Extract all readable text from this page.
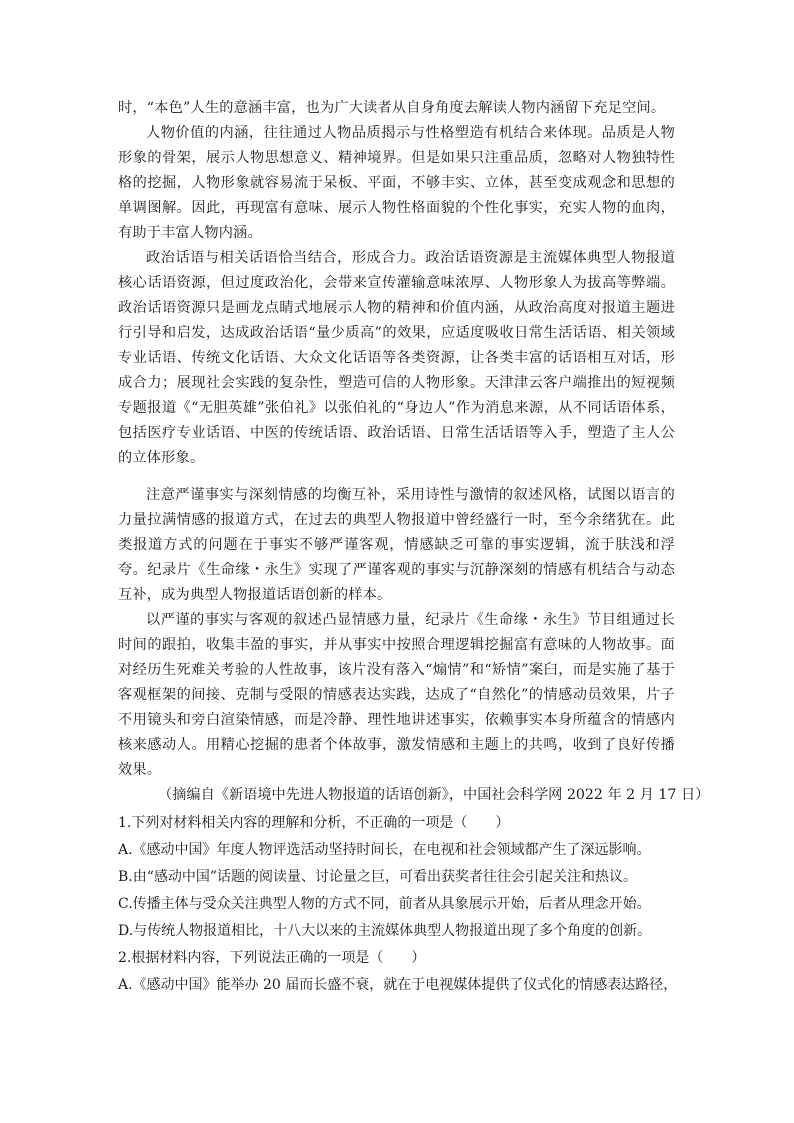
时，“本色”人生的意涵丰富，也为广大读者从自身角度去解读人物内涵留下充足空间。

人物价值的内涵，往往通过人物品质揭示与性格塑造有机结合来体现。品质是人物形象的骨架，展示人物思想意义、精神境界。但是如果只注重品质，忽略对人物独特性格的挖掘，人物形象就容易流于呆板、平面，不够丰实、立体，甚至变成观念和思想的单调图解。因此，再现富有意味、展示人物性格面貌的个性化事实，充实人物的血肉，有助于丰富人物内涵。

政治话语与相关话语恰当结合，形成合力。政治话语资源是主流媒体典型人物报道核心话语资源，但过度政治化，会带来宣传灌输意味浓厚、人物形象人为拔高等弊端。政治话语资源只是画龙点睛式地展示人物的精神和价值内涵，从政治高度对报道主题进行引导和启发，达成政治话语“量少质高”的效果，应适度吸收日常生活话语、相关领域专业话语、传统文化话语、大众文化话语等各类资源，让各类丰富的话语相互对话，形成合力；展现社会实践的复杂性，塑造可信的人物形象。天津津云客户端推出的短视频专题报道《“无胆英雄”张伯礼》以张伯礼的“身边人”作为消息来源，从不同话语体系，包括医疗专业话语、中医的传统话语、政治话语、日常生活话语等入手，塑造了主人公的立体形象。

注意严谨事实与深刻情感的均衡互补，采用诗性与激情的叙述风格，试图以语言的力量拉满情感的报道方式，在过去的典型人物报道中曾经盛行一时，至今余绪犹在。此类报道方式的问题在于事实不够严谨客观，情感缺乏可靠的事实逻辑，流于肤浅和浮夸。纪录片《生命缘・永生》实现了严谨客观的事实与沉静深刻的情感有机结合与动态互补，成为典型人物报道话语创新的样本。

以严谨的事实与客观的叙述凸显情感力量，纪录片《生命缘・永生》节目组通过长时间的跟拍，收集丰盈的事实，并从事实中按照合理逻辑挖掘富有意味的人物故事。面对经历生死难关考验的人性故事，该片没有落入“煽情”和“矫情”案臼，而是实施了基于客观框架的间接、克制与受限的情感表达实践，达成了“自然化”的情感动员效果，片子不用镜头和旁白渲染情感，而是冷静、理性地讲述事实，依赖事实本身所蕴含的情感内核来感动人。用精心挖掘的患者个体故事，激发情感和主题上的共鸣，收到了良好传播效果。

（摘编自《新语境中先进人物报道的话语创新》，中国社会科学网 2022 年 2 月 17 日）

1.下列对材料相关内容的理解和分析，不正确的一项是（　　）

A.《感动中国》年度人物评选活动坚持时间长，在电视和社会领域都产生了深远影响。

B.由“感动中国”话题的阅读量、讨论量之巨，可看出获奖者往往会引起关注和热议。

C.传播主体与受众关注典型人物的方式不同，前者从具象展示开始，后者从理念开始。

D.与传统人物报道相比，十八大以来的主流媒体典型人物报道出现了多个角度的创新。

2.根据材料内容，下列说法正确的一项是（　　）

A.《感动中国》能举办 20 届而长盛不衰，就在于电视媒体提供了仪式化的情感表达路径，
